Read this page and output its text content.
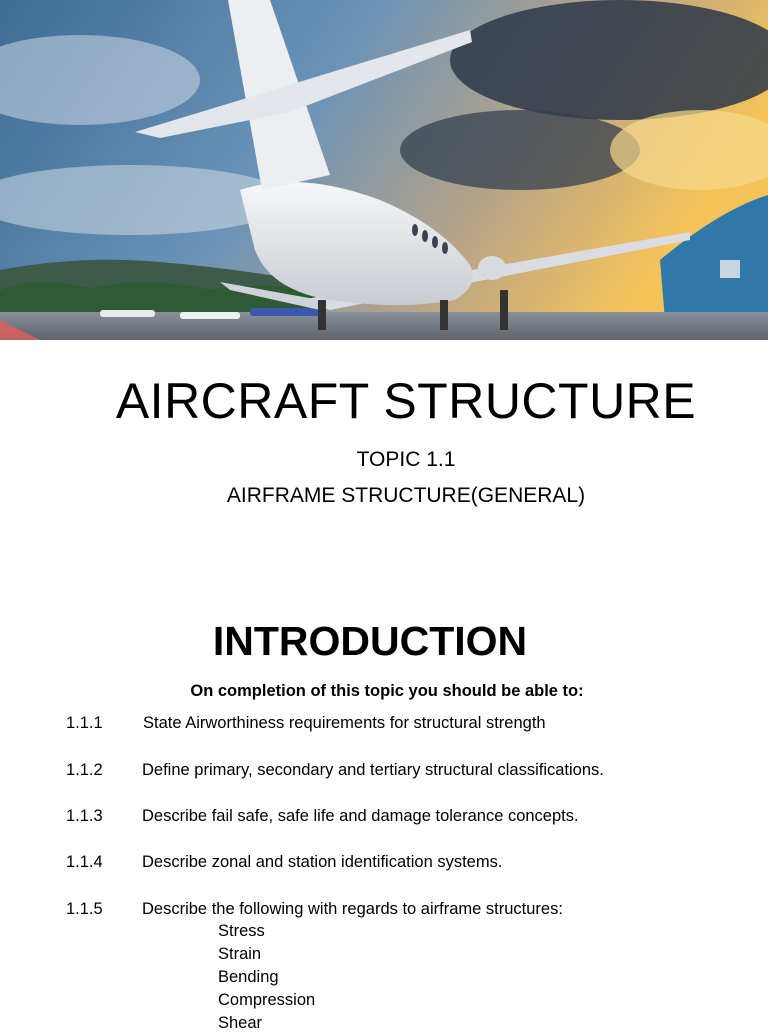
AIRCRAFT STRUCTURE
TOPIC 1.1
AIRFRAME STRUCTURE(GENERAL)
INTRODUCTION
On completion of this topic you should be able to:
1.1.1 State Airworthiness requirements for structural strength
1.1.2 Define primary, secondary and tertiary structural classifications.
1.1.3 Describe fail safe, safe life and damage tolerance concepts.
1.1.4 Describe zonal and station identification systems.
1.1.5 Describe the following with regards to airframe structures:
Stress
Strain
Bending
Compression
Shear
